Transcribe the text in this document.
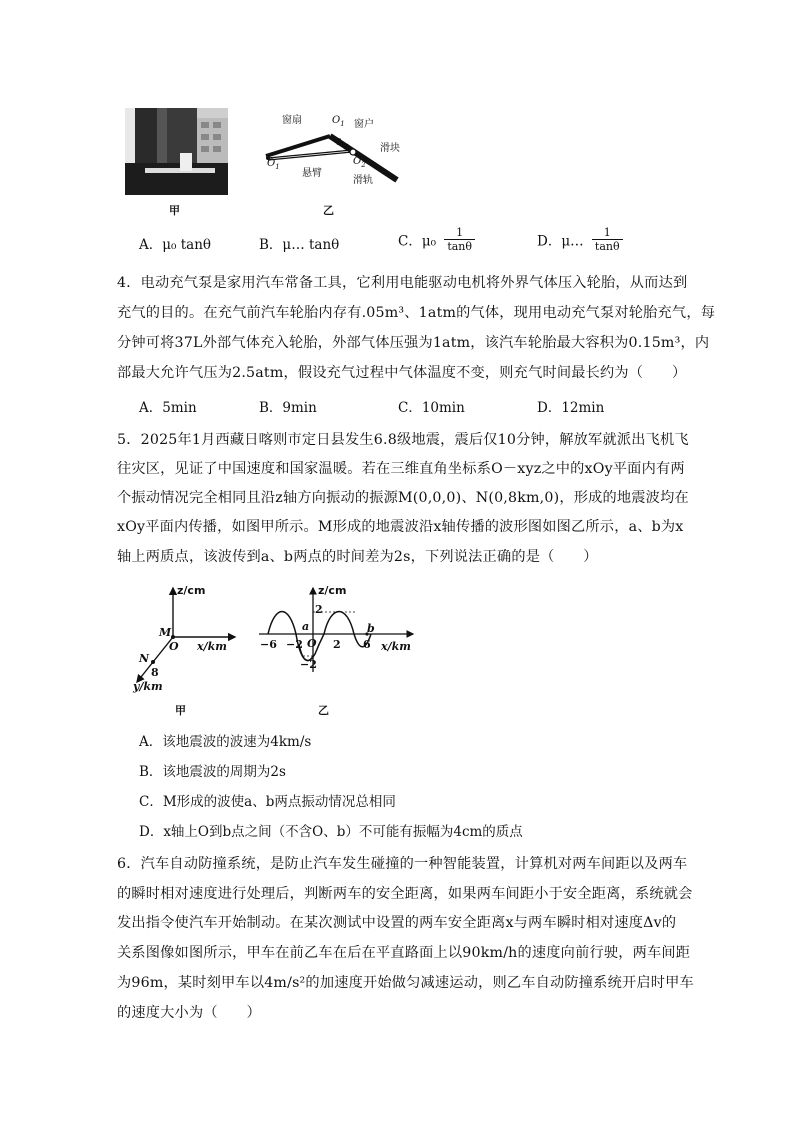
甲
窗扇	$O_1$ 窗户
θ	滑块
$O_1$	$O_2$
悬臂
滑轨
乙
A．μ₀ tanθ	B．μ… tanθ	C．$\mu_0 \frac{1}{\tan\theta}$	D．μ… $\frac{1}{\tan\theta}$
4．电动充气泵是家用汽车常备工具，它利用电能驱动电机将外界气体压入轮胎，从而达到
充气的目的。在充气前汽车轮胎内存有.05m³、1atm的气体，现用电动充气泵对轮胎充气，每
分钟可将37L外部气体充入轮胎，外部气体压强为1atm，该汽车轮胎最大容积为0.15m³，内
部最大允许气压为2.5atm，假设充气过程中气体温度不变，则充气时间最长约为（　　）
A．5min	B．9min	C．10min	D．12min
5．2025年1月西藏日喀则市定日县发生6.8级地震，震后仅10分钟，解放军就派出飞机飞
往灾区，见证了中国速度和国家温暖。若在三维直角坐标系O－xyz之中的xOy平面内有两
个振动情况完全相同且沿z轴方向振动的振源M(0,0,0)、N(0,8km,0)，形成的地震波均在
xOy平面内传播，如图甲所示。M形成的地震波沿x轴传播的波形图如图乙所示，a、b为x
轴上两质点，该波传到a、b两点的时间差为2s，下列说法正确的是（　　）
z/cm
x/km
y/km
M
O
N
8
甲
z/cm
2
−2
a	b
O
−6 −2	2 6 x/km
乙
A．该地震波的波速为4km/s
B．该地震波的周期为2s
C．M形成的波使a、b两点振动情况总相同
D．x轴上O到b点之间（不含O、b）不可能有振幅为4cm的质点
6．汽车自动防撞系统，是防止汽车发生碰撞的一种智能装置，计算机对两车间距以及两车
的瞬时相对速度进行处理后，判断两车的安全距离，如果两车间距小于安全距离，系统就会
发出指令使汽车开始制动。在某次测试中设置的两车安全距离x与两车瞬时相对速度Δv的
关系图像如图所示，甲车在前乙车在后在平直路面上以90km/h的速度向前行驶，两车间距
为96m，某时刻甲车以4m/s²的加速度开始做匀减速运动，则乙车自动防撞系统开启时甲车
的速度大小为（　　）
